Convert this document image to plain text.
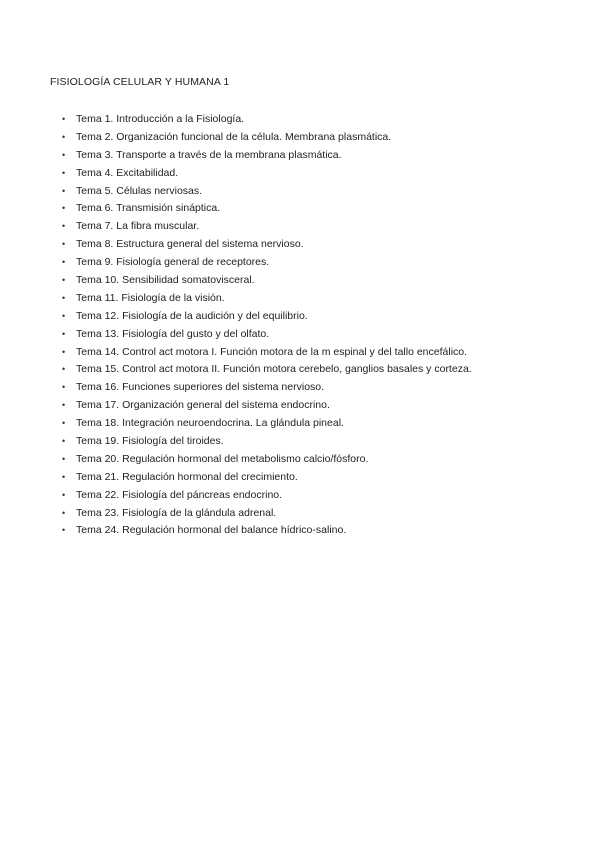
FISIOLOGÍA CELULAR Y HUMANA 1
• Tema 1. Introducción a la Fisiología.
• Tema 2. Organización funcional de la célula. Membrana plasmática.
• Tema 3. Transporte a través de la membrana plasmática.
• Tema 4. Excitabilidad.
• Tema 5. Células nerviosas.
• Tema 6. Transmisión sináptica.
• Tema 7. La fibra muscular.
• Tema 8. Estructura general del sistema nervioso.
• Tema 9. Fisiología general de receptores.
• Tema 10. Sensibilidad somatovisceral.
• Tema 11. Fisiología de la visión.
• Tema 12. Fisiología de la audición y del equilibrio.
• Tema 13. Fisiología del gusto y del olfato.
• Tema 14. Control act motora I. Función motora de la m espinal y del tallo encefálico.
• Tema 15. Control act motora II. Función motora cerebelo, ganglios basales y corteza.
• Tema 16. Funciones superiores del sistema nervioso.
• Tema 17. Organización general del sistema endocrino.
• Tema 18. Integración neuroendocrina. La glándula pineal.
• Tema 19. Fisiología del tiroides.
• Tema 20. Regulación hormonal del metabolismo calcio/fósforo.
• Tema 21. Regulación hormonal del crecimiento.
• Tema 22. Fisiología del páncreas endocrino.
• Tema 23. Fisiología de la glándula adrenal.
• Tema 24. Regulación hormonal del balance hídrico-salino.
